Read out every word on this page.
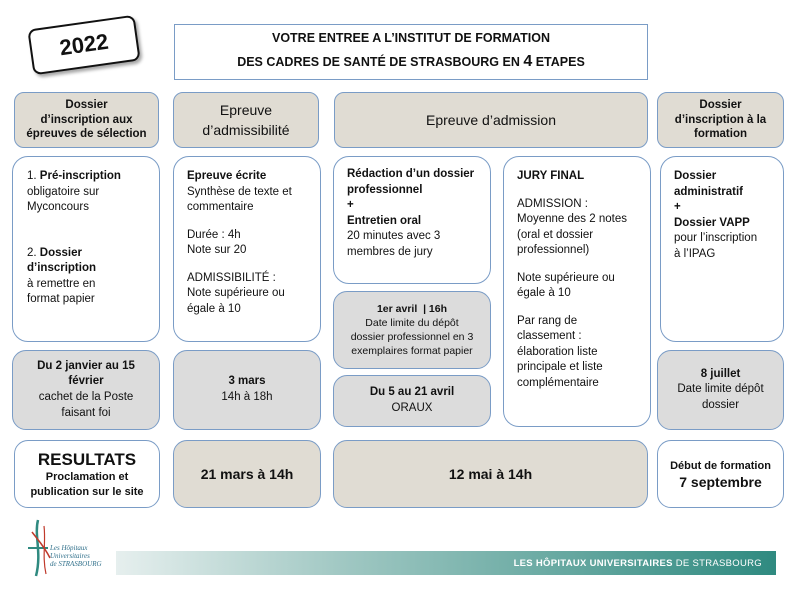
2022	VOTRE ENTREE A L’INSTITUT DE FORMATION
DES CADRES DE SANTÉ DE STRASBOURG EN 4 ETAPES
Dossier
d’inscription aux
épreuves de sélection
Epreuve
d’admissibilité
Epreuve d’admission
Dossier
d’inscription à la
formation
1. Pré-inscription
obligatoire sur
Myconcours
2. Dossier
d’inscription
à remettre en
format papier
Epreuve écrite
Synthèse de texte et
commentaire
Durée : 4h
Note sur 20
ADMISSIBILITÉ :
Note supérieure ou
égale à 10
Rédaction d’un dossier
professionnel
+
Entretien oral
20 minutes avec 3
membres de jury
1er avril  | 16h
Date limite du dépôt
dossier professionnel en 3
exemplaires format papier
Du 5 au 21 avril
ORAUX
JURY FINAL
ADMISSION :
Moyenne des 2 notes
(oral et dossier
professionnel)
Note supérieure ou
égale à 10
Par rang de
classement :
élaboration liste
principale et liste
complémentaire
Dossier
administratif
+
Dossier VAPP
pour l’inscription
à l’IPAG
Du 2 janvier au 15
février
cachet de la Poste
faisant foi
3 mars
14h à 18h
8 juillet
Date limite dépôt
dossier
RESULTATS
Proclamation et
publication sur le site
21 mars à 14h	12 mai à 14h
Début de formation
7 septembre
Les Hôpitaux
Universitaires
de STRASBOURG	LES HÔPITAUX UNIVERSITAIRES DE STRASBOURG
